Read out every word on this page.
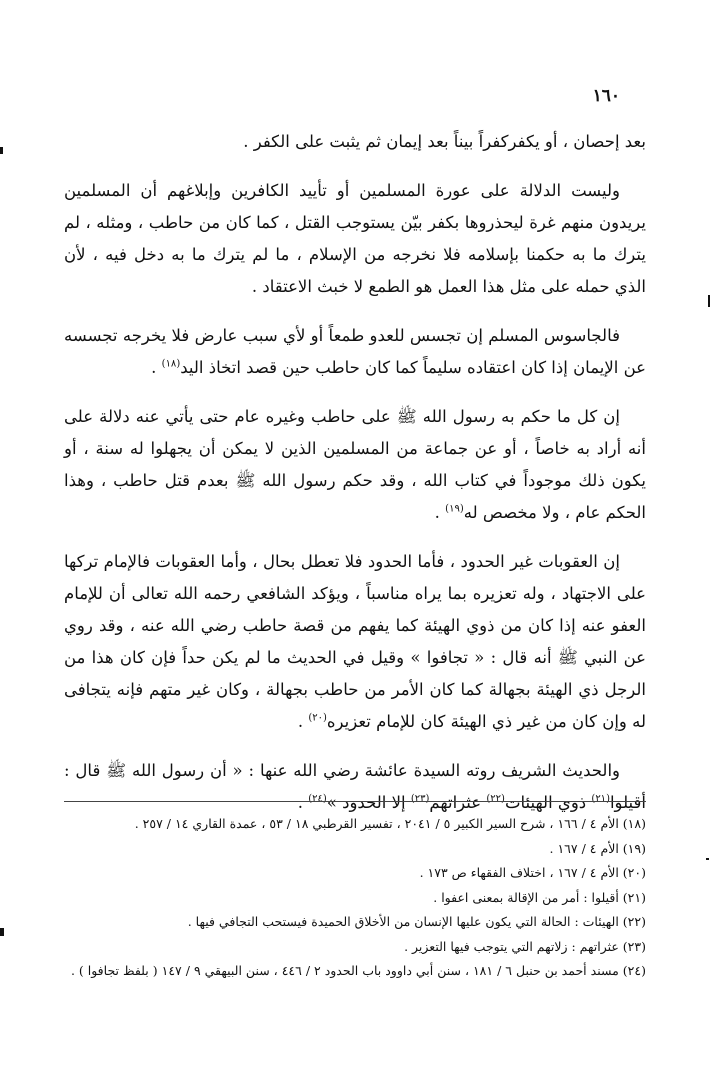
١٦٠

بعد إحصان ، أو يكفركفراً بيناً بعد إيمان ثم يثبت على الكفر .

وليست الدلالة على عورة المسلمين أو تأييد الكافرين وإبلاغهم أن المسلمين يريدون منهم غرة ليحذروها بكفر بيّن يستوجب القتل ، كما كان من حاطب ، ومثله ، لم يترك ما به حكمنا بإسلامه فلا نخرجه من الإسلام ، ما لم يترك ما به دخل فيه ، لأن الذي حمله على مثل هذا العمل هو الطمع لا خبث الاعتقاد .

فالجاسوس المسلم إن تجسس للعدو طمعاً أو لأي سبب عارض فلا يخرجه تجسسه عن الإيمان إذا كان اعتقاده سليماً كما كان حاطب حين قصد اتخاذ اليد$^{(١٨)}$ .

إن كل ما حكم به رسول الله ﷺ على حاطب وغيره عام حتى يأتي عنه دلالة على أنه أراد به خاصاً ، أو عن جماعة من المسلمين الذين لا يمكن أن يجهلوا له سنة ، أو يكون ذلك موجوداً في كتاب الله ، وقد حكم رسول الله ﷺ بعدم قتل حاطب ، وهذا الحكم عام ، ولا مخصص له$^{(١٩)}$ .

إن العقوبات غير الحدود ، فأما الحدود فلا تعطل بحال ، وأما العقوبات فالإمام تركها على الاجتهاد ، وله تعزيره بما يراه مناسباً ، ويؤكد الشافعي رحمه الله تعالى أن للإمام العفو عنه إذا كان من ذوي الهيئة كما يفهم من قصة حاطب رضي الله عنه ، وقد روي عن النبي ﷺ أنه قال : « تجافوا » وقيل في الحديث ما لم يكن حداً فإن كان هذا من الرجل ذي الهيئة بجهالة كما كان الأمر من حاطب بجهالة ، وكان غير متهم فإنه يتجافى له وإن كان من غير ذي الهيئة كان للإمام تعزيره$^{(٢٠)}$ .

والحديث الشريف روته السيدة عائشة رضي الله عنها : « أن رسول الله ﷺ قال : أقيلوا$^{(٢١)}$ ذوي الهيئات$^{(٢٢)}$ عثراتهم$^{(٢٣)}$ إلا الحدود »$^{(٢٤)}$ .

(١٨) الأم ٤ / ١٦٦ ، شرح السير الكبير ٥ / ٢٠٤١ ، تفسير القرطبي ١٨ / ٥٣ ، عمدة القاري ١٤ / ٢٥٧ .
(١٩) الأم ٤ / ١٦٧ .
(٢٠) الأم ٤ / ١٦٧ ، اختلاف الفقهاء ص ١٧٣ .
(٢١) أقيلوا : أمر من الإقالة بمعنى اعفوا .
(٢٢) الهيئات : الحالة التي يكون عليها الإنسان من الأخلاق الحميدة فيستحب التجافي فيها .
(٢٣) عثراتهم : زلاتهم التي يتوجب فيها التعزير .
(٢٤) مسند أحمد بن حنبل ٦ / ١٨١ ، سنن أبي داوود باب الحدود ٢ / ٤٤٦ ، سنن البيهقي ٩ / ١٤٧ ( بلفظ تجافوا ) .
